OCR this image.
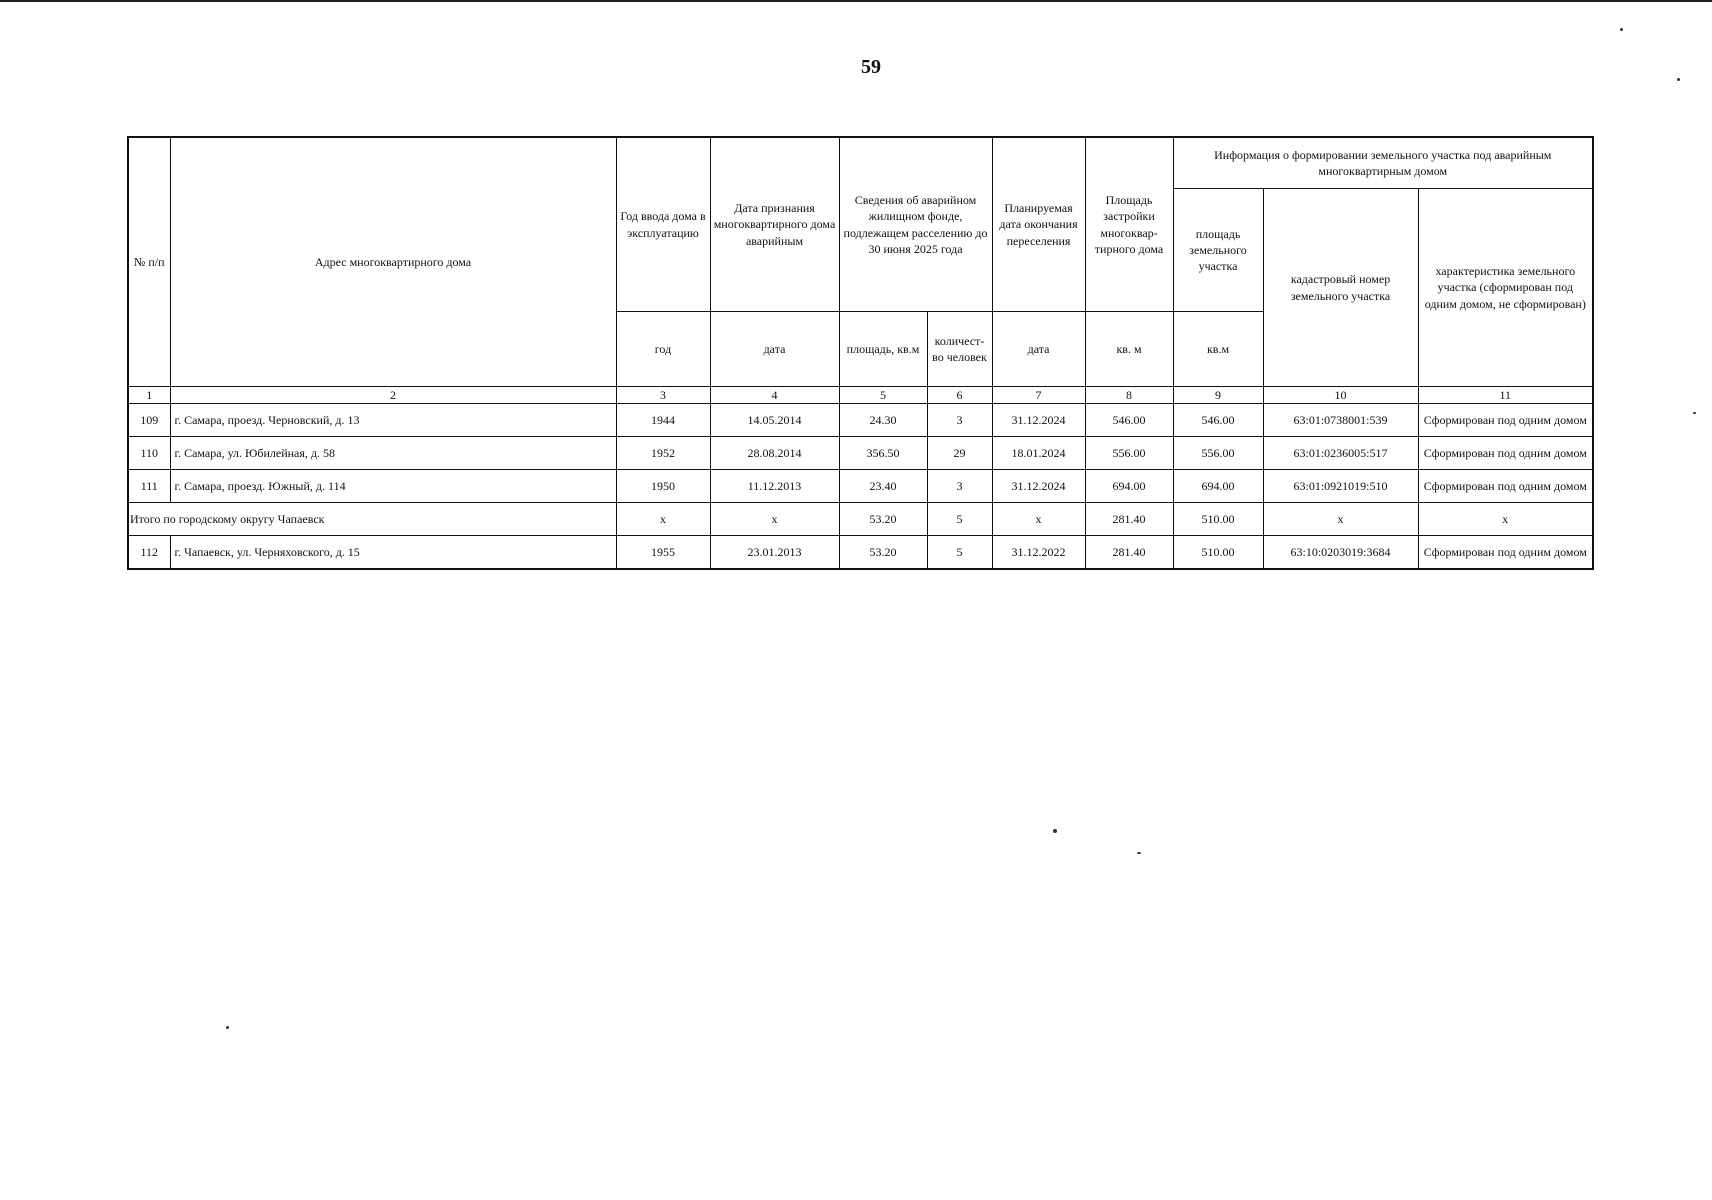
59
№ п/п	Адрес многоквартирного дома	Год ввода дома в эксплуатацию	Дата признания многоквартирного дома аварийным	Сведения об аварийном жилищном фонде, подлежащем расселению до 30 июня 2025 года		Планируемая дата окончания переселения	Площадь застройки многоквар-тирного дома	Информация о формировании земельного участка под аварийным многоквартирным домом		
								площадь земельного участка	кадастровый номер земельного участка	характеристика земельного участка (сформирован под одним домом, не сформирован)
		год	дата	площадь, кв.м	количест-во человек	дата	кв. м	кв.м		
1	2	3	4	5	6	7	8	9	10	11
109	г. Самара, проезд. Черновский, д. 13	1944	14.05.2014	24.30	3	31.12.2024	546.00	546.00	63:01:0738001:539	Сформирован под одним домом
110	г. Самара, ул. Юбилейная, д. 58	1952	28.08.2014	356.50	29	18.01.2024	556.00	556.00	63:01:0236005:517	Сформирован под одним домом
111	г. Самара, проезд. Южный, д. 114	1950	11.12.2013	23.40	3	31.12.2024	694.00	694.00	63:01:0921019:510	Сформирован под одним домом
Итого по городскому округу Чапаевск		x	x	53.20	5	x	281.40	510.00	x	x
112	г. Чапаевск, ул. Черняховского, д. 15	1955	23.01.2013	53.20	5	31.12.2022	281.40	510.00	63:10:0203019:3684	Сформирован под одним домом
